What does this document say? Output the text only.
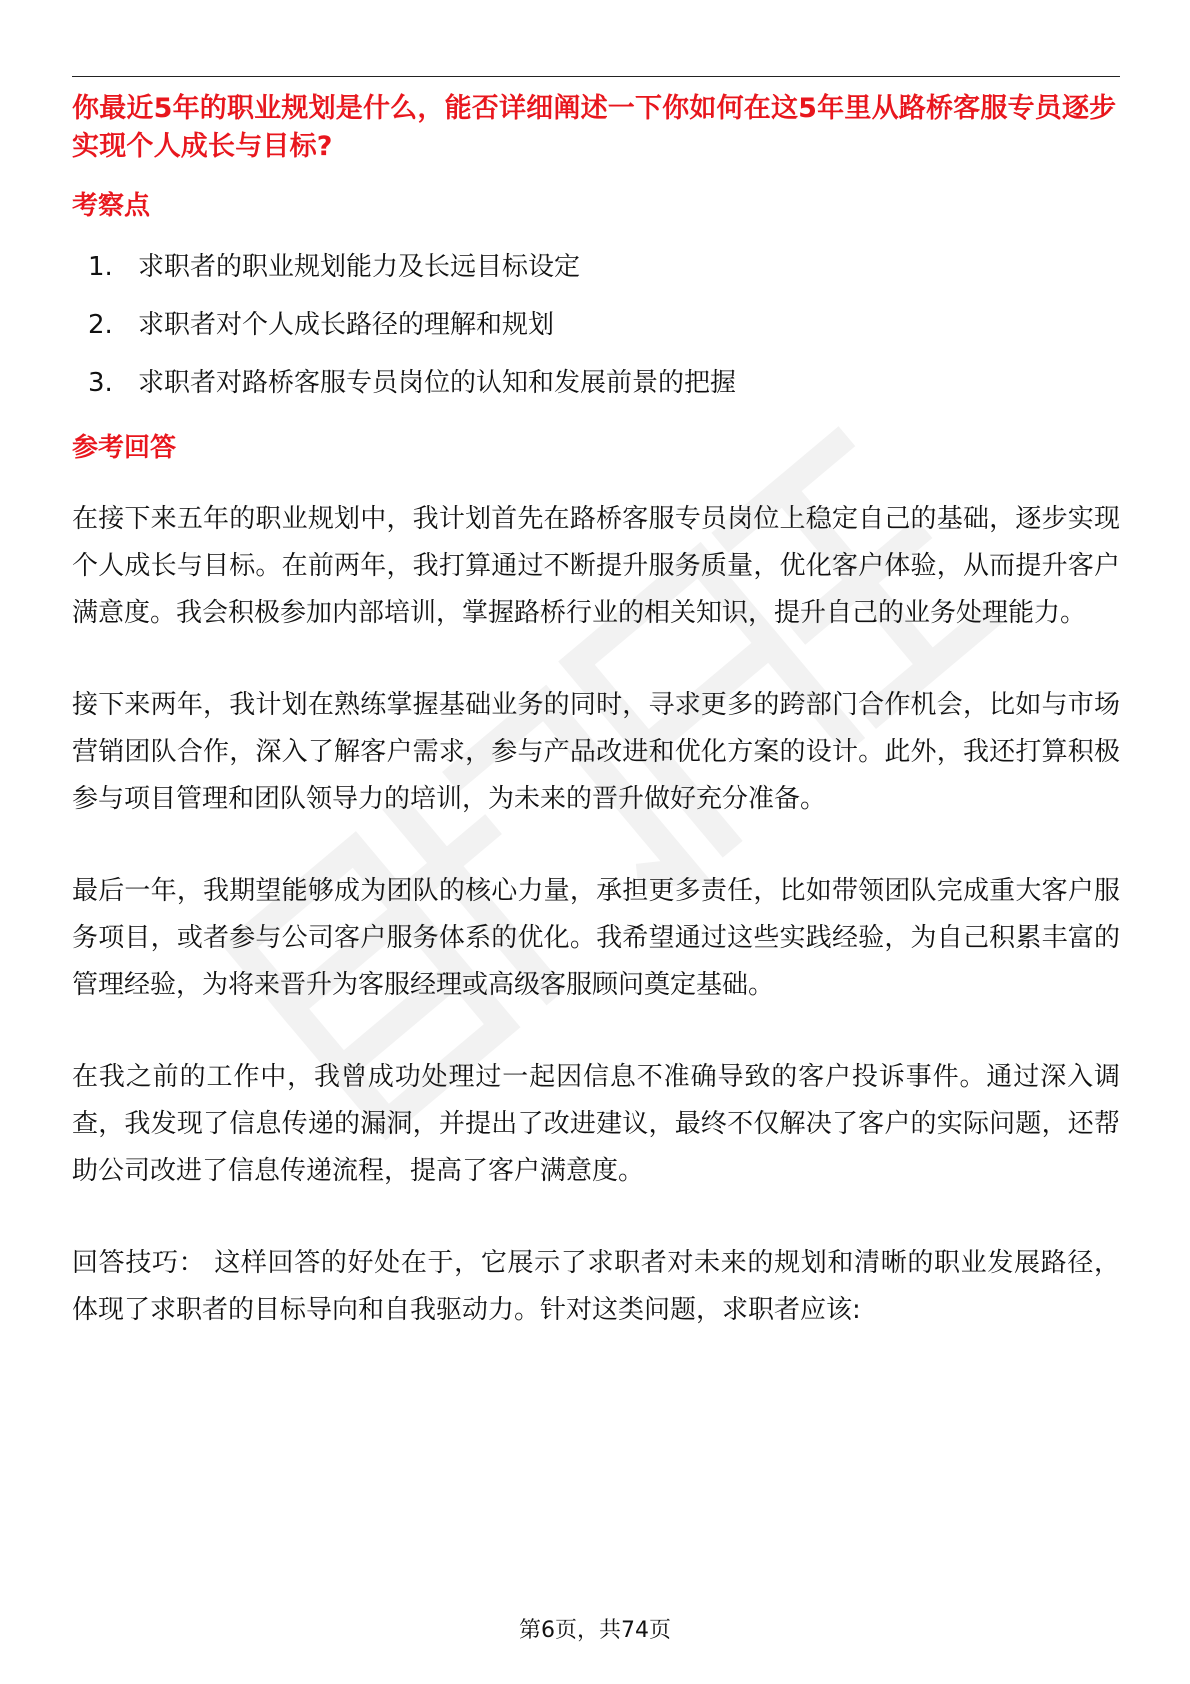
你最近5年的职业规划是什么，能否详细阐述一下你如何在这5年里从路桥客服专员逐步实现个人成长与目标?

考察点
1. 求职者的职业规划能力及长远目标设定
2. 求职者对个人成长路径的理解和规划
3. 求职者对路桥客服专员岗位的认知和发展前景的把握
参考回答

在接下来五年的职业规划中，我计划首先在路桥客服专员岗位上稳定自己的基础，逐步实现个人成长与目标。在前两年，我打算通过不断提升服务质量，优化客户体验，从而提升客户满意度。我会积极参加内部培训，掌握路桥行业的相关知识，提升自己的业务处理能力。

接下来两年，我计划在熟练掌握基础业务的同时，寻求更多的跨部门合作机会，比如与市场营销团队合作，深入了解客户需求，参与产品改进和优化方案的设计。此外，我还打算积极参与项目管理和团队领导力的培训，为未来的晋升做好充分准备。

最后一年，我期望能够成为团队的核心力量，承担更多责任，比如带领团队完成重大客户服务项目，或者参与公司客户服务体系的优化。我希望通过这些实践经验，为自己积累丰富的管理经验，为将来晋升为客服经理或高级客服顾问奠定基础。

在我之前的工作中，我曾成功处理过一起因信息不准确导致的客户投诉事件。通过深入调查，我发现了信息传递的漏洞，并提出了改进建议，最终不仅解决了客户的实际问题，还帮助公司改进了信息传递流程，提高了客户满意度。

回答技巧： 这样回答的好处在于，它展示了求职者对未来的规划和清晰的职业发展路径，体现了求职者的目标导向和自我驱动力。针对这类问题，求职者应该:

第6页，共74页
